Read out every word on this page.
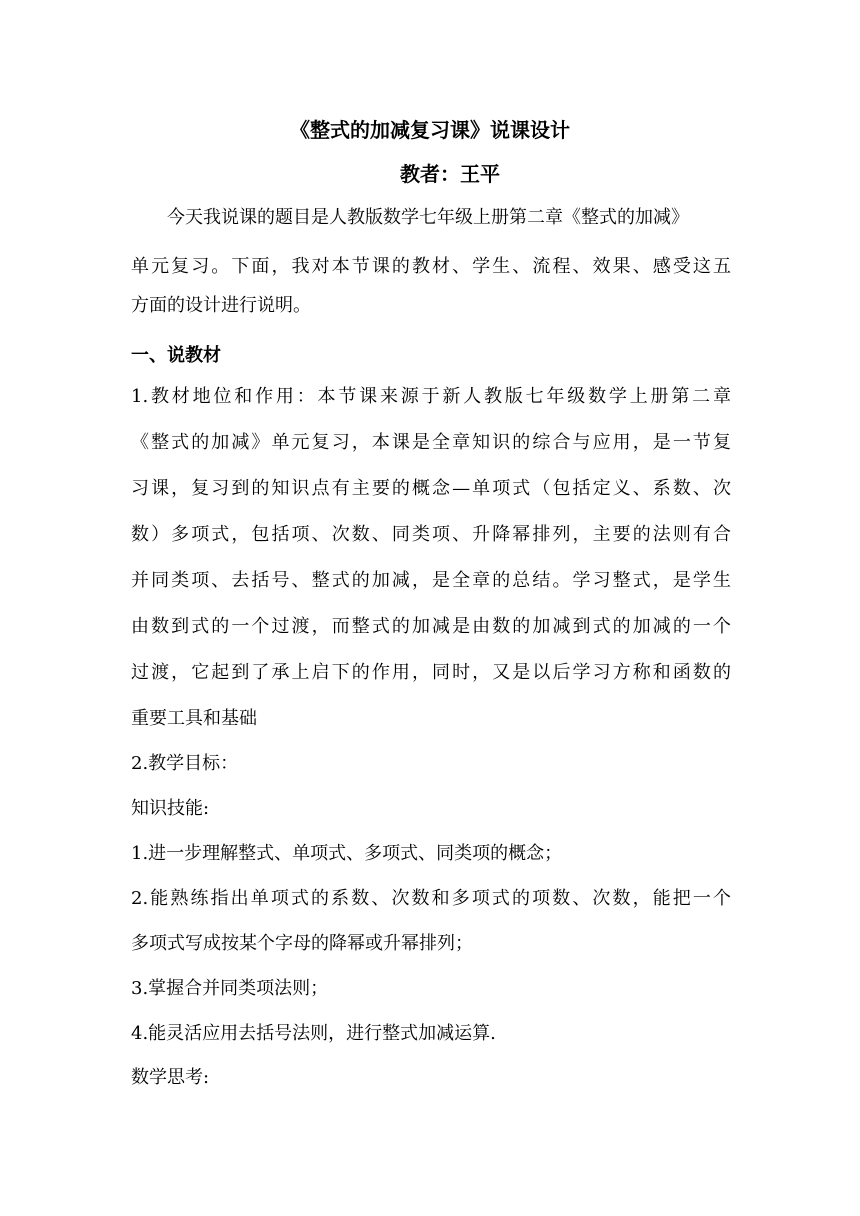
《整式的加减复习课》说课设计
教者：王平
今天我说课的题目是人教版数学七年级上册第二章《整式的加减》
单元复习。下面，我对本节课的教材、学生、流程、效果、感受这五
方面的设计进行说明。
一、说教材
1.教材地位和作用：本节课来源于新人教版七年级数学上册第二章
《整式的加减》单元复习，本课是全章知识的综合与应用，是一节复
习课，复习到的知识点有主要的概念—单项式（包括定义、系数、次
数）多项式，包括项、次数、同类项、升降幂排列，主要的法则有合
并同类项、去括号、整式的加减，是全章的总结。学习整式，是学生
由数到式的一个过渡，而整式的加减是由数的加减到式的加减的一个
过渡，它起到了承上启下的作用，同时，又是以后学习方称和函数的
重要工具和基础
2.教学目标：
知识技能:
1.进一步理解整式、单项式、多项式、同类项的概念；
2.能熟练指出单项式的系数、次数和多项式的项数、次数，能把一个
多项式写成按某个字母的降幂或升幂排列；
3.掌握合并同类项法则；
4.能灵活应用去括号法则，进行整式加减运算.
数学思考:
